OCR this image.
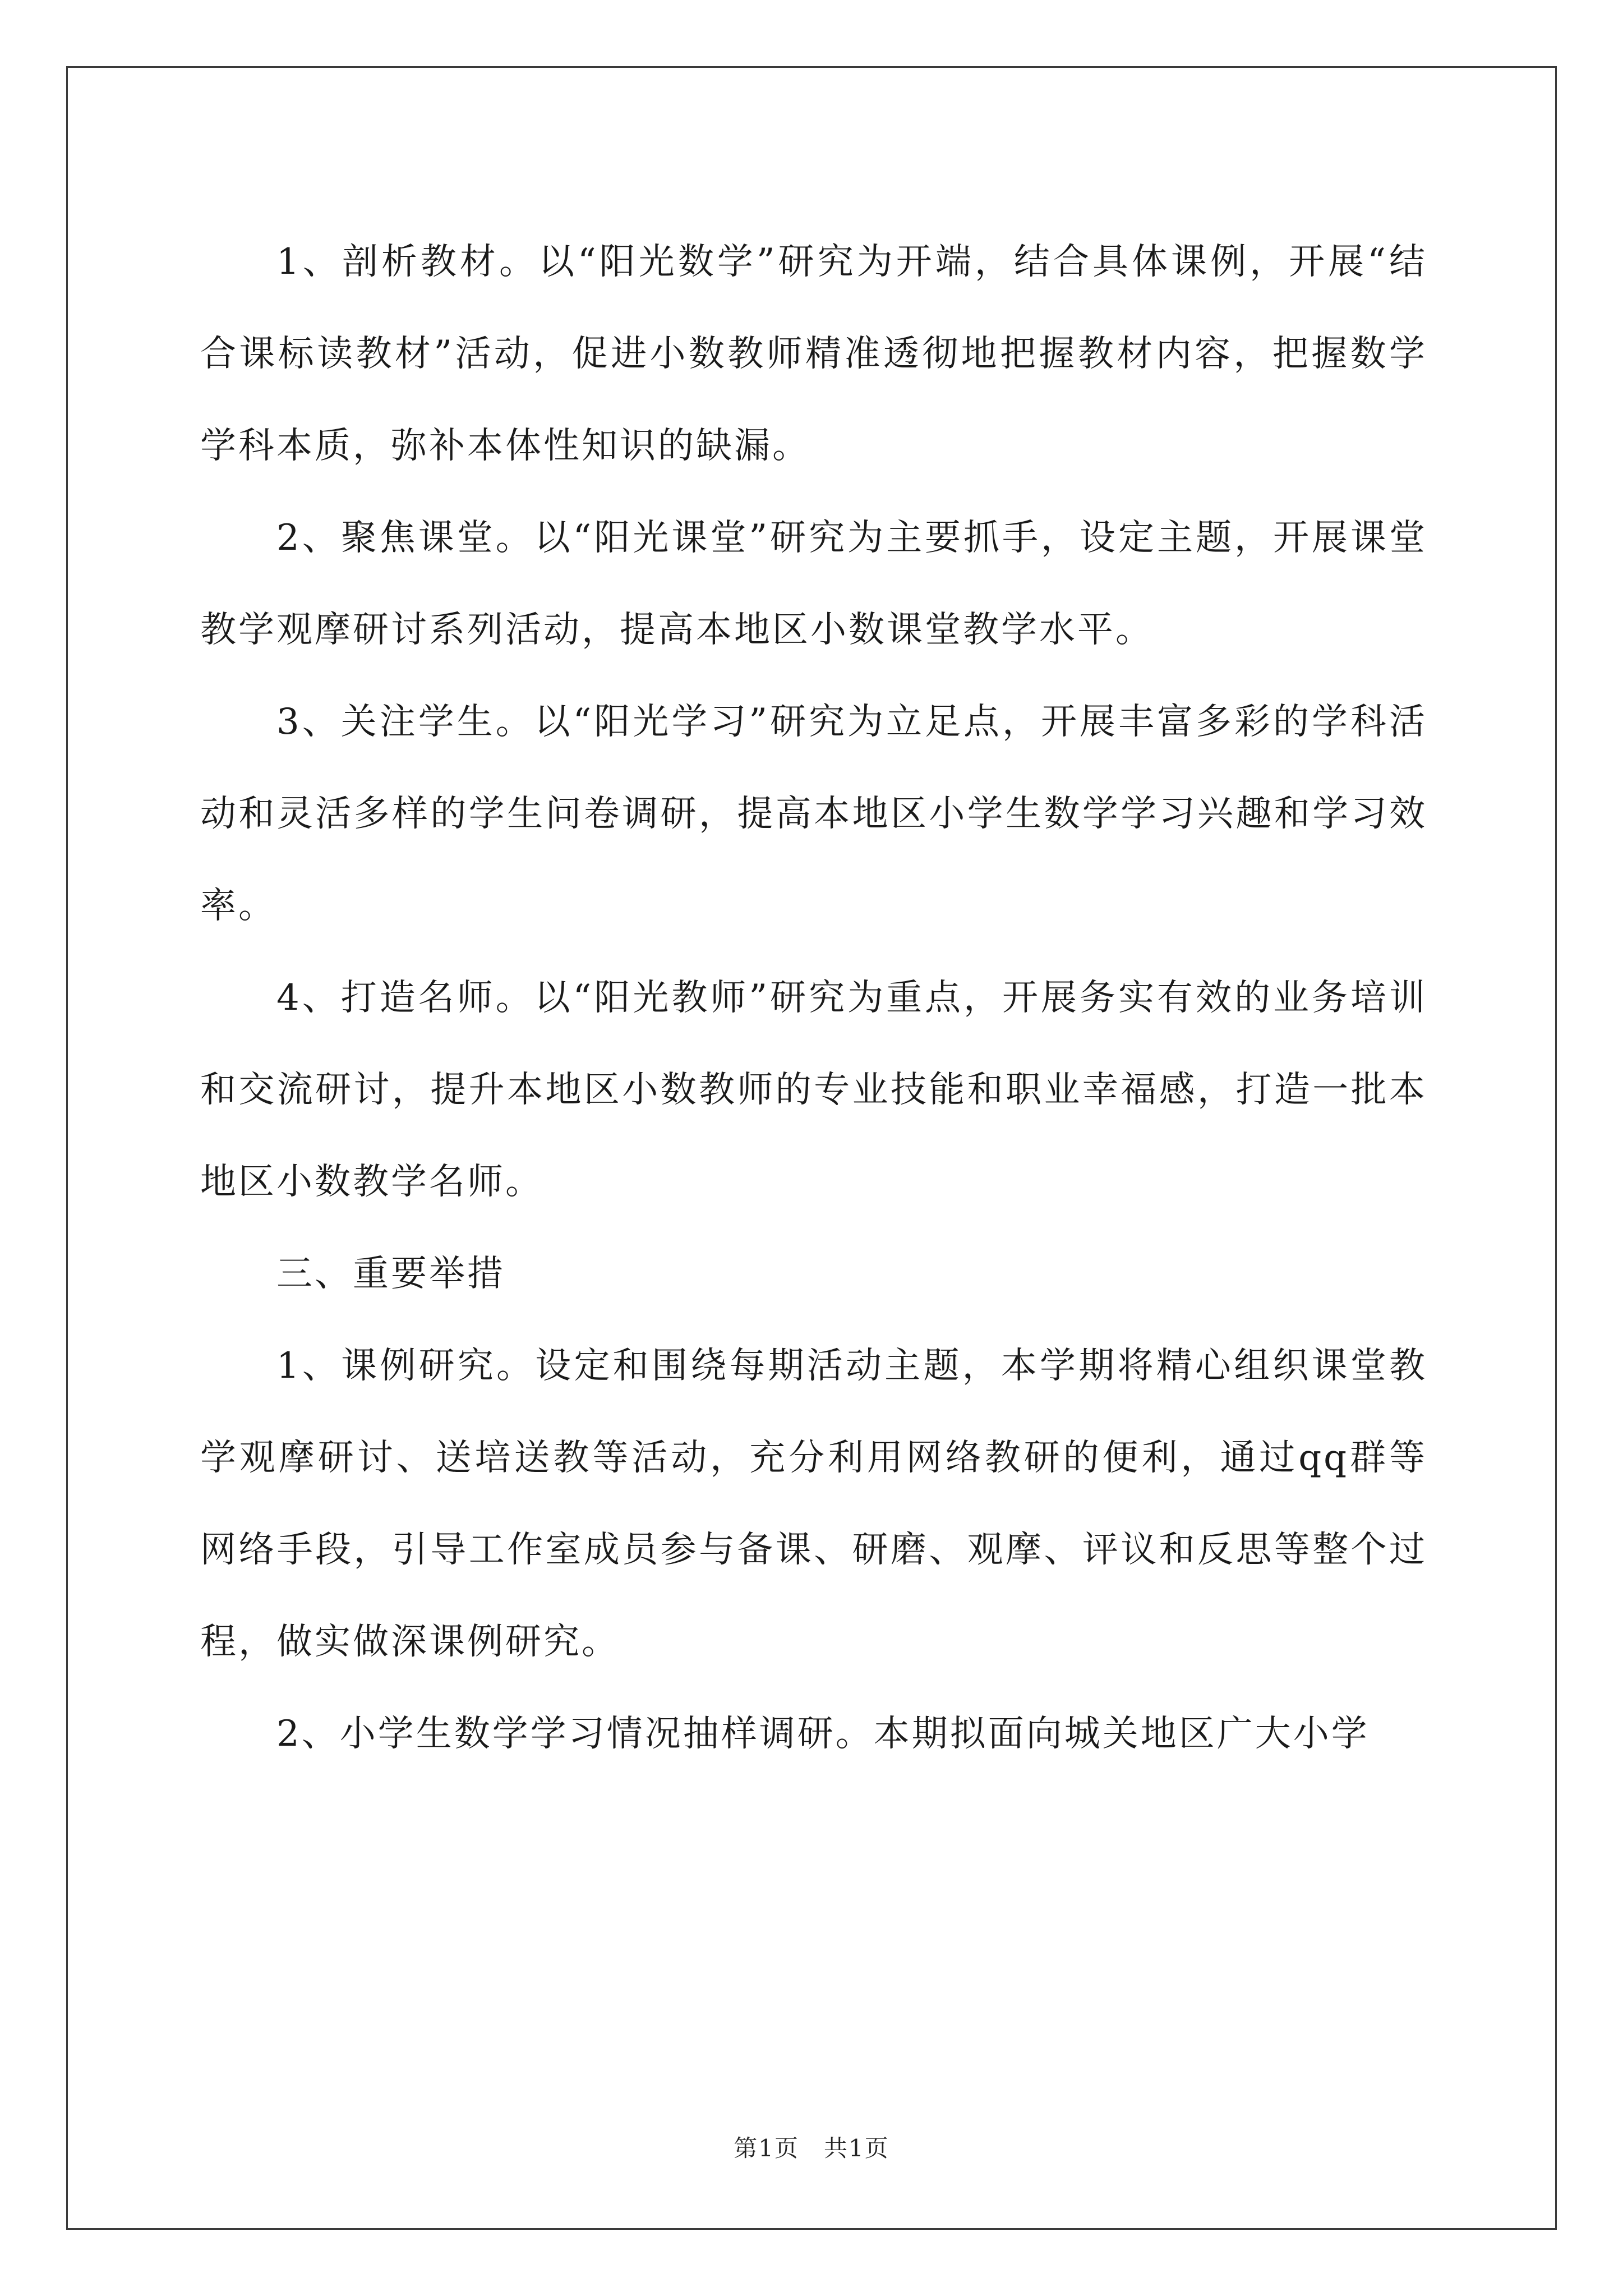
1、剖析教材。以“阳光数学”研究为开端，结合具体课例，开展“结合课标读教材”活动，促进小数教师精准透彻地把握教材内容，把握数学学科本质，弥补本体性知识的缺漏。

2、聚焦课堂。以“阳光课堂”研究为主要抓手，设定主题，开展课堂教学观摩研讨系列活动，提高本地区小数课堂教学水平。

3、关注学生。以“阳光学习”研究为立足点，开展丰富多彩的学科活动和灵活多样的学生问卷调研，提高本地区小学生数学学习兴趣和学习效率。

4、打造名师。以“阳光教师”研究为重点，开展务实有效的业务培训和交流研讨，提升本地区小数教师的专业技能和职业幸福感，打造一批本地区小数教学名师。

三、重要举措

1、课例研究。设定和围绕每期活动主题，本学期将精心组织课堂教学观摩研讨、送培送教等活动，充分利用网络教研的便利，通过qq群等网络手段，引导工作室成员参与备课、研磨、观摩、评议和反思等整个过程，做实做深课例研究。

2、小学生数学学习情况抽样调研。本期拟面向城关地区广大小学

第1页　共1页
